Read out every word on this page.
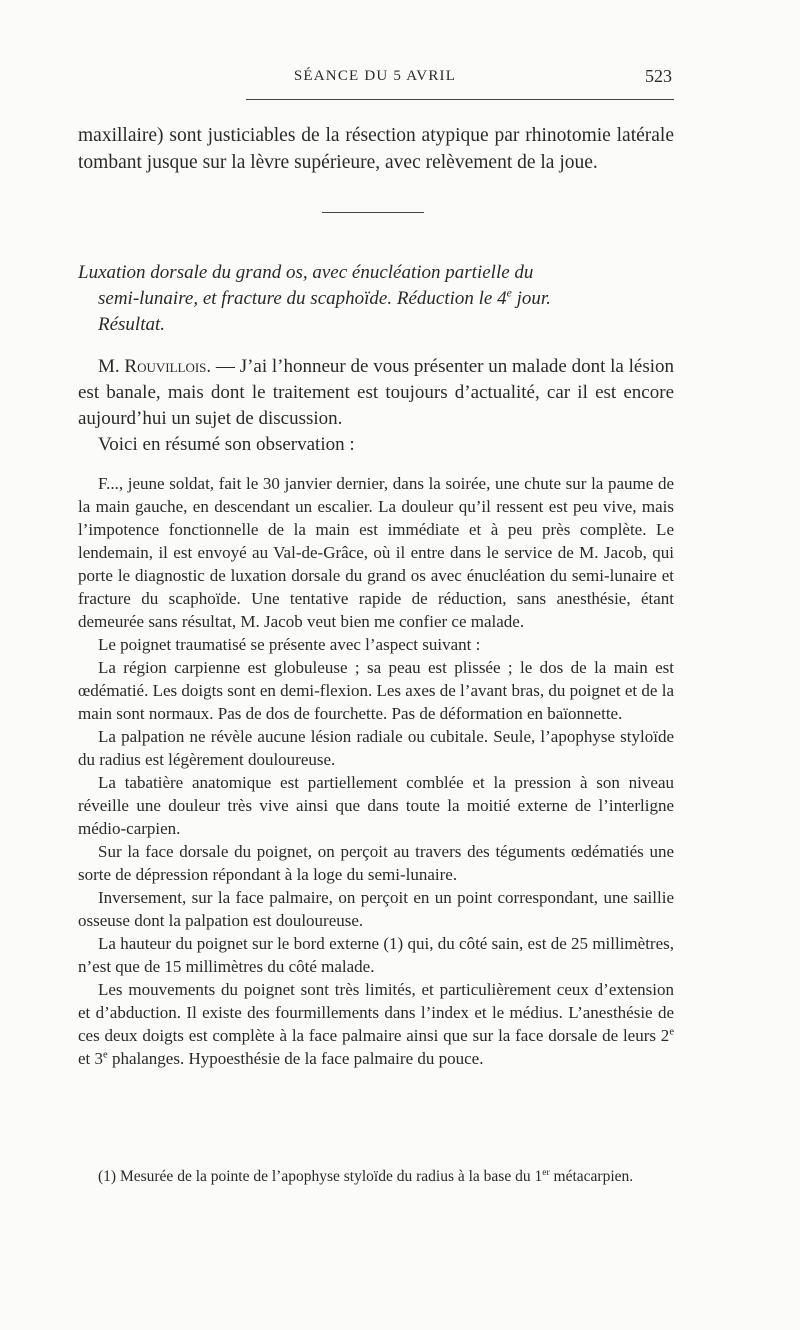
SÉANCE DU 5 AVRIL	523

maxillaire) sont justiciables de la résection atypique par rhinotomie latérale tombant jusque sur la lèvre supérieure, avec relèvement de la joue.

Luxation dorsale du grand os, avec énucléation partielle du
semi-lunaire, et fracture du scaphoïde. Réduction le 4e jour.
Résultat.

M. Rouvillois. — J’ai l’honneur de vous présenter un malade dont la lésion est banale, mais dont le traitement est toujours d’actualité, car il est encore aujourd’hui un sujet de discussion.

Voici en résumé son observation :

F..., jeune soldat, fait le 30 janvier dernier, dans la soirée, une chute sur la paume de la main gauche, en descendant un escalier. La douleur qu’il ressent est peu vive, mais l’impotence fonctionnelle de la main est immédiate et à peu près complète. Le lendemain, il est envoyé au Val-de-Grâce, où il entre dans le service de M. Jacob, qui porte le diagnostic de luxation dorsale du grand os avec énucléation du semi-lunaire et fracture du scaphoïde. Une tentative rapide de réduction, sans anesthésie, étant demeurée sans résultat, M. Jacob veut bien me confier ce malade.

Le poignet traumatisé se présente avec l’aspect suivant :

La région carpienne est globuleuse ; sa peau est plissée ; le dos de la main est œdématié. Les doigts sont en demi-flexion. Les axes de l’avant bras, du poignet et de la main sont normaux. Pas de dos de fourchette. Pas de déformation en baïonnette.

La palpation ne révèle aucune lésion radiale ou cubitale. Seule, l’apophyse styloïde du radius est légèrement douloureuse.

La tabatière anatomique est partiellement comblée et la pression à son niveau réveille une douleur très vive ainsi que dans toute la moitié externe de l’interligne médio-carpien.

Sur la face dorsale du poignet, on perçoit au travers des téguments œdématiés une sorte de dépression répondant à la loge du semi-lunaire.

Inversement, sur la face palmaire, on perçoit en un point correspondant, une saillie osseuse dont la palpation est douloureuse.

La hauteur du poignet sur le bord externe (1) qui, du côté sain, est de 25 millimètres, n’est que de 15 millimètres du côté malade.

Les mouvements du poignet sont très limités, et particulièrement ceux d’extension et d’abduction. Il existe des fourmillements dans l’index et le médius. L’anesthésie de ces deux doigts est complète à la face palmaire ainsi que sur la face dorsale de leurs 2e et 3e phalanges. Hypoesthésie de la face palmaire du pouce.

(1) Mesurée de la pointe de l’apophyse styloïde du radius à la base du 1er métacarpien.
